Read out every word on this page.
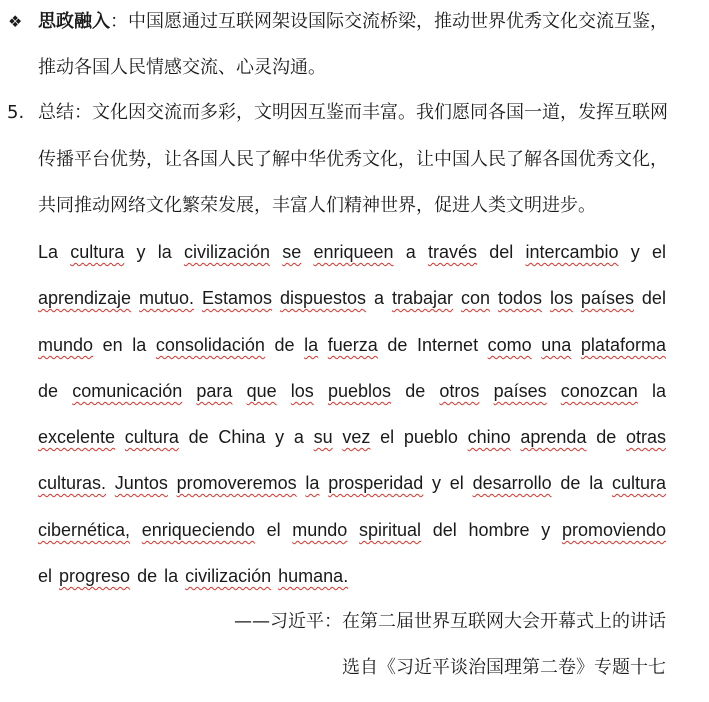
❖ 思政融入：中国愿通过互联网架设国际交流桥梁，推动世界优秀文化交流互鉴，
推动各国人民情感交流、心灵沟通。
5. 总结：文化因交流而多彩，文明因互鉴而丰富。我们愿同各国一道，发挥互联网
传播平台优势，让各国人民了解中华优秀文化，让中国人民了解各国优秀文化，
共同推动网络文化繁荣发展，丰富人们精神世界，促进人类文明进步。
La cultura y la civilización se enriqueen a través del intercambio y el
aprendizaje mutuo. Estamos dispuestos a trabajar con todos los países del
mundo en la consolidación de la fuerza de Internet como una plataforma
de comunicación para que los pueblos de otros países conozcan la
excelente cultura de China y a su vez el pueblo chino aprenda de otras
culturas. Juntos promoveremos la prosperidad y el desarrollo de la cultura
cibernética, enriqueciendo el mundo spiritual del hombre y promoviendo
el progreso de la civilización humana.
——习近平：在第二届世界互联网大会开幕式上的讲话
选自《习近平谈治国理第二卷》专题十七
